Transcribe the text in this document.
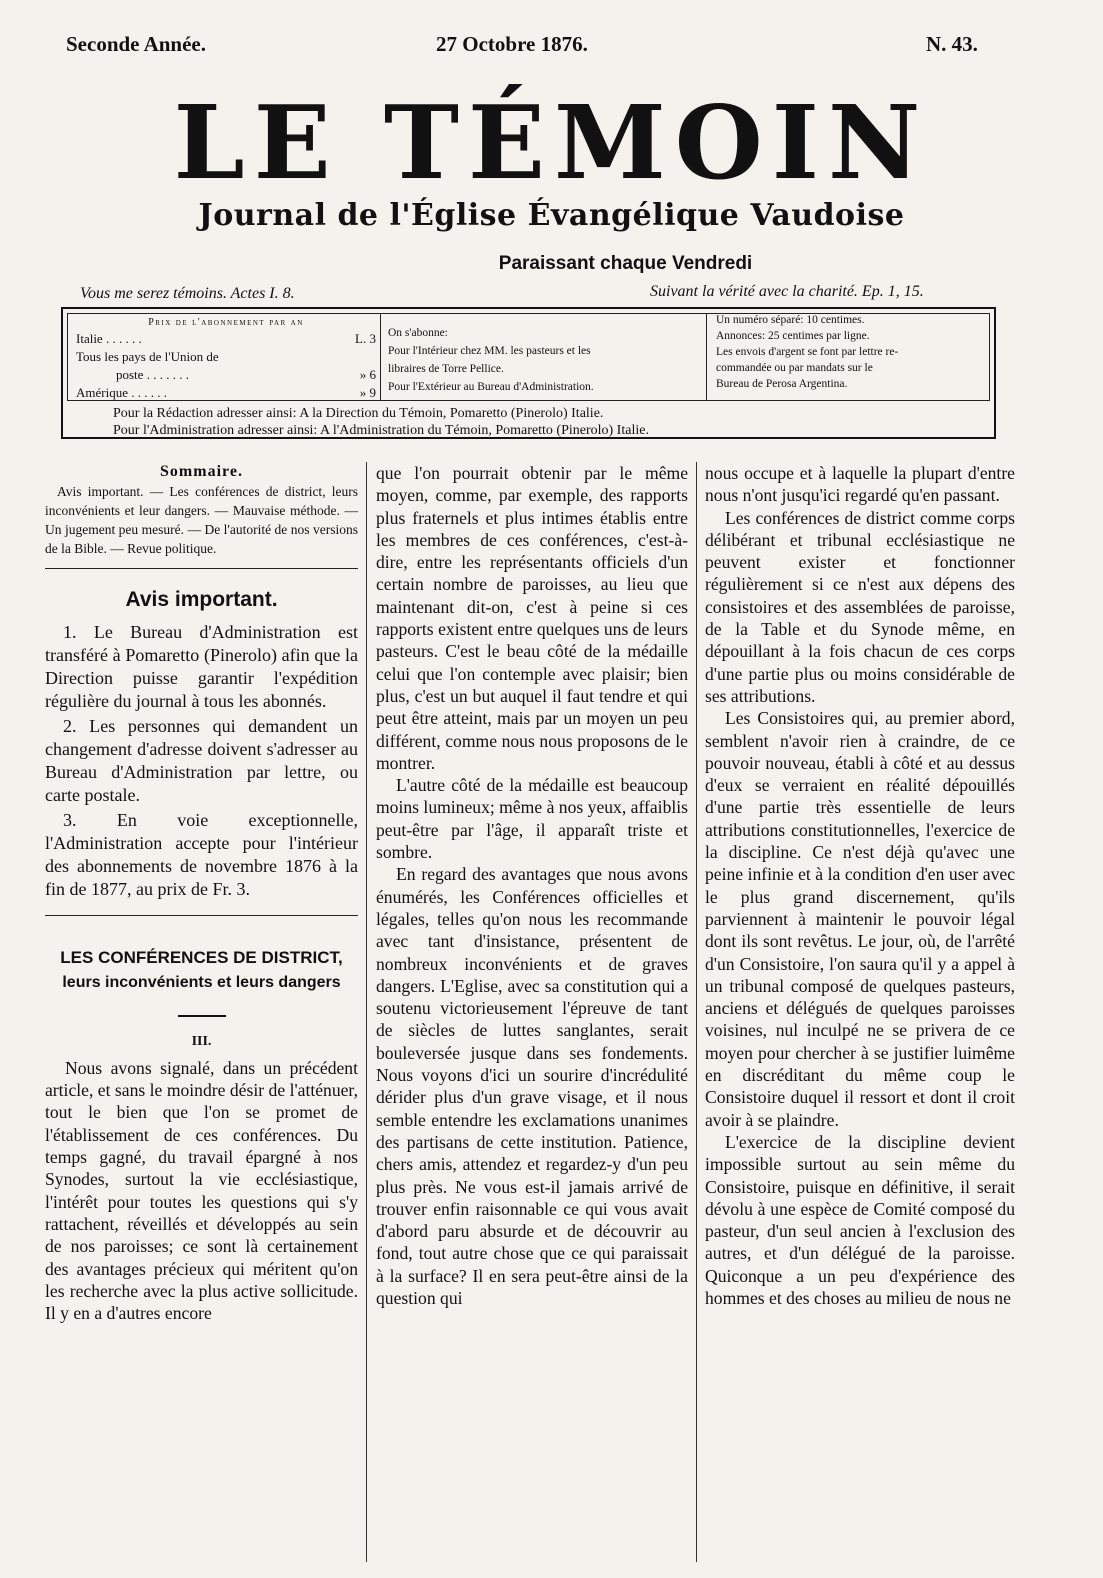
Seconde Année.	27 Octobre 1876.	N. 43.
LE TÉMOIN
Journal de l'Église Évangélique Vaudoise
Paraissant chaque Vendredi
Vous me serez témoins. Actes I. 8.	Suivant la vérité avec la charité. Ep. 1, 15.
Prix de l'abonnement par an
Italie . . . . . .	L. 3
Tous les pays de l'Union de
poste . . . . . . .	» 6
Amérique . . . . . .	» 9
On s'abonne:
Pour l'Intérieur chez MM. les pasteurs et les
libraires de Torre Pellice.
Pour l'Extérieur au Bureau d'Administration.
Un numéro séparé: 10 centimes.
Annonces: 25 centimes par ligne.
Les envois d'argent se font par lettre re-
commandée ou par mandats sur le
Bureau de Perosa Argentina.
Pour la Rédaction adresser ainsi: A la Direction du Témoin, Pomaretto (Pinerolo) Italie.
Pour l'Administration adresser ainsi: A l'Administration du Témoin, Pomaretto (Pinerolo) Italie.
Sommaire.
Avis important. — Les conférences de district, leurs inconvénients et leur dangers. — Mauvaise méthode. — Un jugement peu mesuré. — De l'autorité de nos versions de la Bible. — Revue politique.
Avis important.

1. Le Bureau d'Administration est transféré à Pomaretto (Pinerolo) afin que la Direction puisse garantir l'expédition régulière du journal à tous les abonnés.

2. Les personnes qui demandent un changement d'adresse doivent s'adresser au Bureau d'Administration par lettre, ou carte postale.

3. En voie exceptionnelle, l'Administration accepte pour l'intérieur des abonnements de novembre 1876 à la fin de 1877, au prix de Fr. 3.

LES CONFÉRENCES DE DISTRICT,
leurs inconvénients et leurs dangers
III.

Nous avons signalé, dans un précédent article, et sans le moindre désir de l'atténuer, tout le bien que l'on se promet de l'établissement de ces conférences. Du temps gagné, du travail épargné à nos Synodes, surtout la vie ecclésiastique, l'intérêt pour toutes les questions qui s'y rattachent, réveillés et développés au sein de nos paroisses; ce sont là certainement des avantages précieux qui méritent qu'on les recherche avec la plus active sollicitude. Il y en a d'autres encore

que l'on pourrait obtenir par le même moyen, comme, par exemple, des rapports plus fraternels et plus intimes établis entre les membres de ces conférences, c'est-à-dire, entre les représentants officiels d'un certain nombre de paroisses, au lieu que maintenant dit-on, c'est à peine si ces rapports existent entre quelques uns de leurs pasteurs. C'est le beau côté de la médaille celui que l'on contemple avec plaisir; bien plus, c'est un but auquel il faut tendre et qui peut être atteint, mais par un moyen un peu différent, comme nous nous proposons de le montrer.

L'autre côté de la médaille est beaucoup moins lumineux; même à nos yeux, affaiblis peut-être par l'âge, il apparaît triste et sombre.

En regard des avantages que nous avons énumérés, les Conférences officielles et légales, telles qu'on nous les recommande avec tant d'insistance, présentent de nombreux inconvénients et de graves dangers. L'Eglise, avec sa constitution qui a soutenu victorieusement l'épreuve de tant de siècles de luttes sanglantes, serait bouleversée jusque dans ses fondements. Nous voyons d'ici un sourire d'incrédulité dérider plus d'un grave visage, et il nous semble entendre les exclamations unanimes des partisans de cette institution. Patience, chers amis, attendez et regardez-y d'un peu plus près. Ne vous est-il jamais arrivé de trouver enfin raisonnable ce qui vous avait d'abord paru absurde et de découvrir au fond, tout autre chose que ce qui paraissait à la surface? Il en sera peut-être ainsi de la question qui

nous occupe et à laquelle la plupart d'entre nous n'ont jusqu'ici regardé qu'en passant.

Les conférences de district comme corps délibérant et tribunal ecclésiastique ne peuvent exister et fonctionner régulièrement si ce n'est aux dépens des consistoires et des assemblées de paroisse, de la Table et du Synode même, en dépouillant à la fois chacun de ces corps d'une partie plus ou moins considérable de ses attributions.

Les Consistoires qui, au premier abord, semblent n'avoir rien à craindre, de ce pouvoir nouveau, établi à côté et au dessus d'eux se verraient en réalité dépouillés d'une partie très essentielle de leurs attributions constitutionnelles, l'exercice de la discipline. Ce n'est déjà qu'avec une peine infinie et à la condition d'en user avec le plus grand discernement, qu'ils parviennent à maintenir le pouvoir légal dont ils sont revêtus. Le jour, où, de l'arrêté d'un Consistoire, l'on saura qu'il y a appel à un tribunal composé de quelques pasteurs, anciens et délégués de quelques paroisses voisines, nul inculpé ne se privera de ce moyen pour chercher à se justifier luimême en discréditant du même coup le Consistoire duquel il ressort et dont il croit avoir à se plaindre.

L'exercice de la discipline devient impossible surtout au sein même du Consistoire, puisque en définitive, il serait dévolu à une espèce de Comité composé du pasteur, d'un seul ancien à l'exclusion des autres, et d'un délégué de la paroisse. Quiconque a un peu d'expérience des hommes et des choses au milieu de nous ne
